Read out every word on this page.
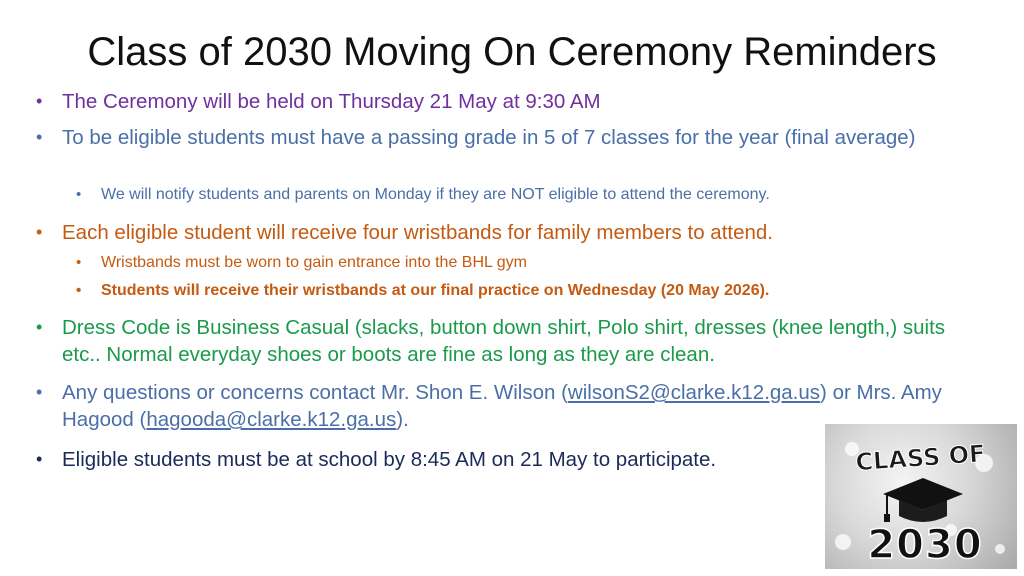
Class of 2030 Moving On Ceremony Reminders
• The Ceremony will be held on Thursday 21 May at 9:30 AM
• To be eligible students must have a passing grade in 5 of 7 classes for the year (final average)
•	We will notify students and parents on Monday if they are NOT eligible to attend the ceremony.
• Each eligible student will receive four wristbands for family members to attend.
•	Wristbands must be worn to gain entrance into the BHL gym
•	Students will receive their wristbands at our final practice on Wednesday (20 May 2026).
• Dress Code is Business Casual (slacks, button down shirt, Polo shirt, dresses (knee length,) suits etc.. Normal everyday shoes or boots are fine as long as they are clean.
• Any questions or concerns contact Mr. Shon E. Wilson (wilsonS2@clarke.k12.ga.us) or Mrs. Amy Hagood (hagooda@clarke.k12.ga.us).
• Eligible students must be at school by 8:45 AM on 21 May to participate.	CLASS OF
2030
